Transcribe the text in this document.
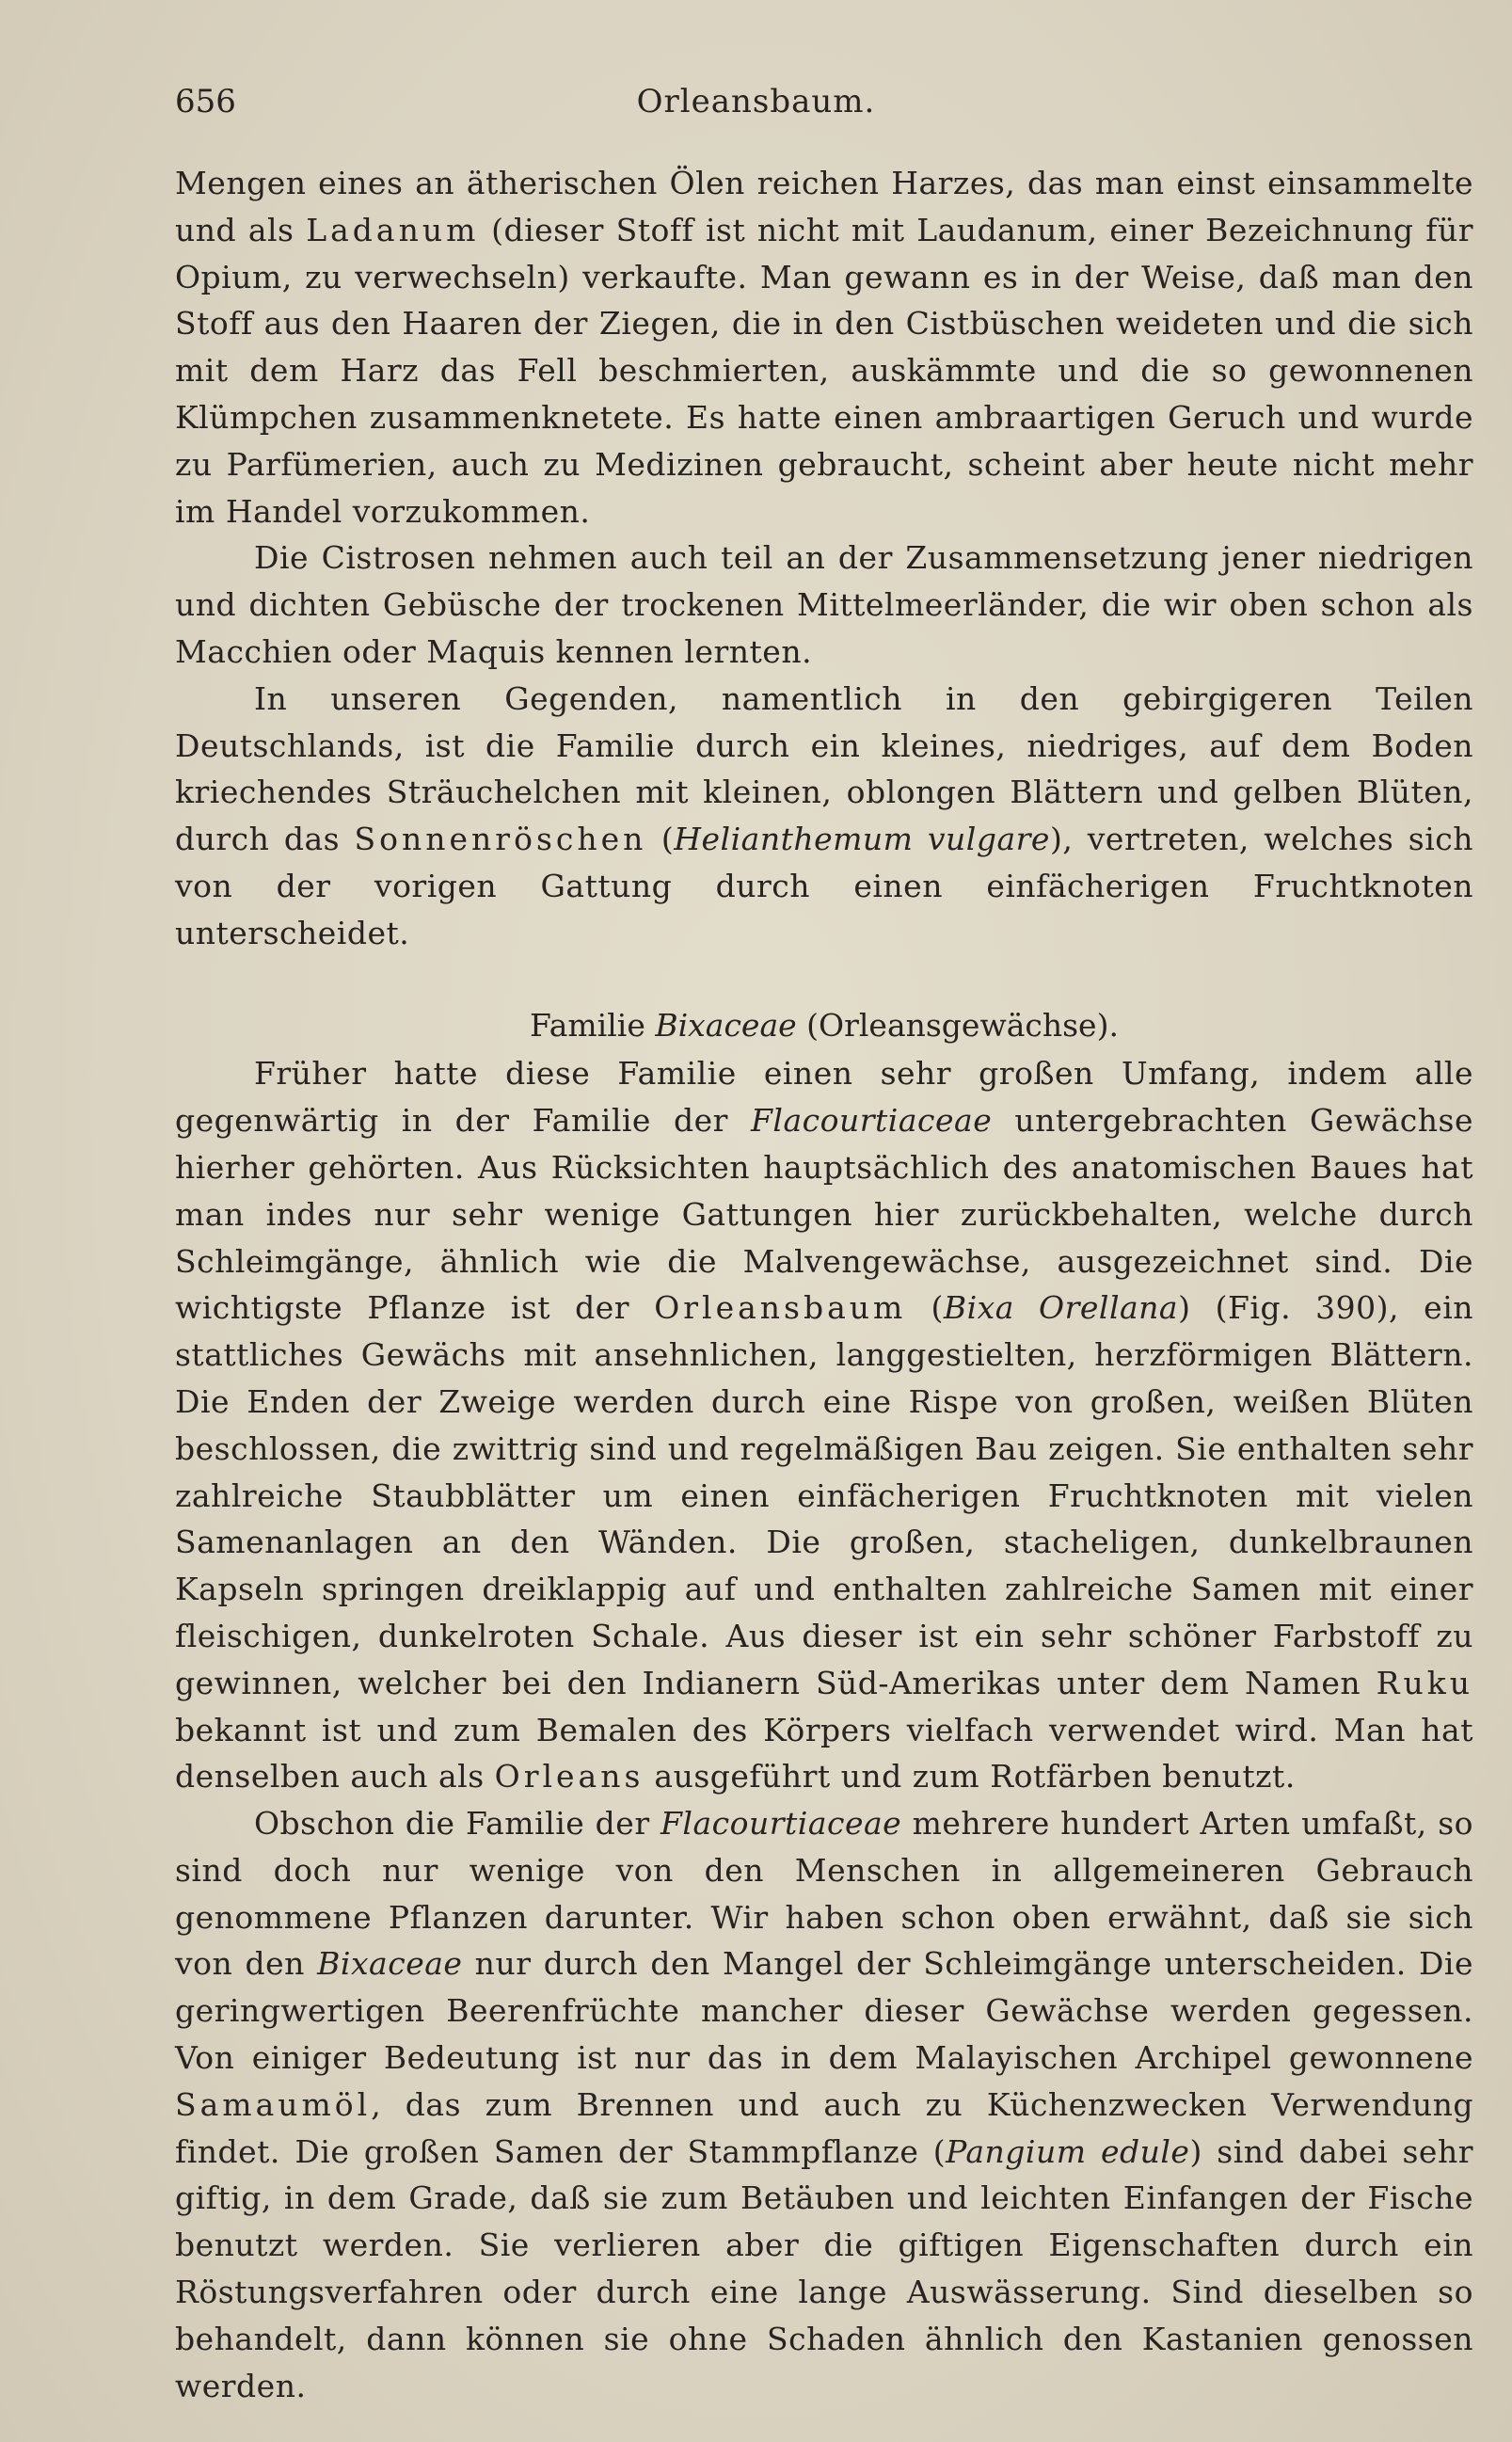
656	Orleansbaum.

Mengen eines an ätherischen Ölen reichen Harzes, das man einst einsammelte und als Ladanum (dieser Stoff ist nicht mit Laudanum, einer Bezeichnung für Opium, zu verwechseln) verkaufte. Man gewann es in der Weise, daß man den Stoff aus den Haaren der Ziegen, die in den Cistbüschen weideten und die sich mit dem Harz das Fell beschmierten, auskämmte und die so gewonnenen Klümpchen zusammenknetete. Es hatte einen ambraartigen Geruch und wurde zu Parfümerien, auch zu Medizinen gebraucht, scheint aber heute nicht mehr im Handel vorzukommen.

Die Cistrosen nehmen auch teil an der Zusammensetzung jener niedrigen und dichten Gebüsche der trockenen Mittelmeerländer, die wir oben schon als Macchien oder Maquis kennen lernten.

In unseren Gegenden, namentlich in den gebirgigeren Teilen Deutschlands, ist die Familie durch ein kleines, niedriges, auf dem Boden kriechendes Sträuchelchen mit kleinen, oblongen Blättern und gelben Blüten, durch das Sonnenröschen (Helianthemum vulgare), vertreten, welches sich von der vorigen Gattung durch einen einfächerigen Fruchtknoten unterscheidet.

Familie Bixaceae (Orleansgewächse).

Früher hatte diese Familie einen sehr großen Umfang, indem alle gegenwärtig in der Familie der Flacourtiaceae untergebrachten Gewächse hierher gehörten. Aus Rücksichten hauptsächlich des anatomischen Baues hat man indes nur sehr wenige Gattungen hier zurückbehalten, welche durch Schleimgänge, ähnlich wie die Malvengewächse, ausgezeichnet sind. Die wichtigste Pflanze ist der Orleansbaum (Bixa Orellana) (Fig. 390), ein stattliches Gewächs mit ansehnlichen, langgestielten, herzförmigen Blättern. Die Enden der Zweige werden durch eine Rispe von großen, weißen Blüten beschlossen, die zwittrig sind und regelmäßigen Bau zeigen. Sie enthalten sehr zahlreiche Staubblätter um einen einfächerigen Fruchtknoten mit vielen Samenanlagen an den Wänden. Die großen, stacheligen, dunkelbraunen Kapseln springen dreiklappig auf und enthalten zahlreiche Samen mit einer fleischigen, dunkelroten Schale. Aus dieser ist ein sehr schöner Farbstoff zu gewinnen, welcher bei den Indianern Süd-Amerikas unter dem Namen Ruku bekannt ist und zum Bemalen des Körpers vielfach verwendet wird. Man hat denselben auch als Orleans ausgeführt und zum Rotfärben benutzt.

Obschon die Familie der Flacourtiaceae mehrere hundert Arten umfaßt, so sind doch nur wenige von den Menschen in allgemeineren Gebrauch genommene Pflanzen darunter. Wir haben schon oben erwähnt, daß sie sich von den Bixaceae nur durch den Mangel der Schleimgänge unterscheiden. Die geringwertigen Beerenfrüchte mancher dieser Gewächse werden gegessen. Von einiger Bedeutung ist nur das in dem Malayischen Archipel gewonnene Samaumöl, das zum Brennen und auch zu Küchenzwecken Verwendung findet. Die großen Samen der Stammpflanze (Pangium edule) sind dabei sehr giftig, in dem Grade, daß sie zum Betäuben und leichten Einfangen der Fische benutzt werden. Sie verlieren aber die giftigen Eigenschaften durch ein Röstungsverfahren oder durch eine lange Auswässerung. Sind dieselben so behandelt, dann können sie ohne Schaden ähnlich den Kastanien genossen werden.
